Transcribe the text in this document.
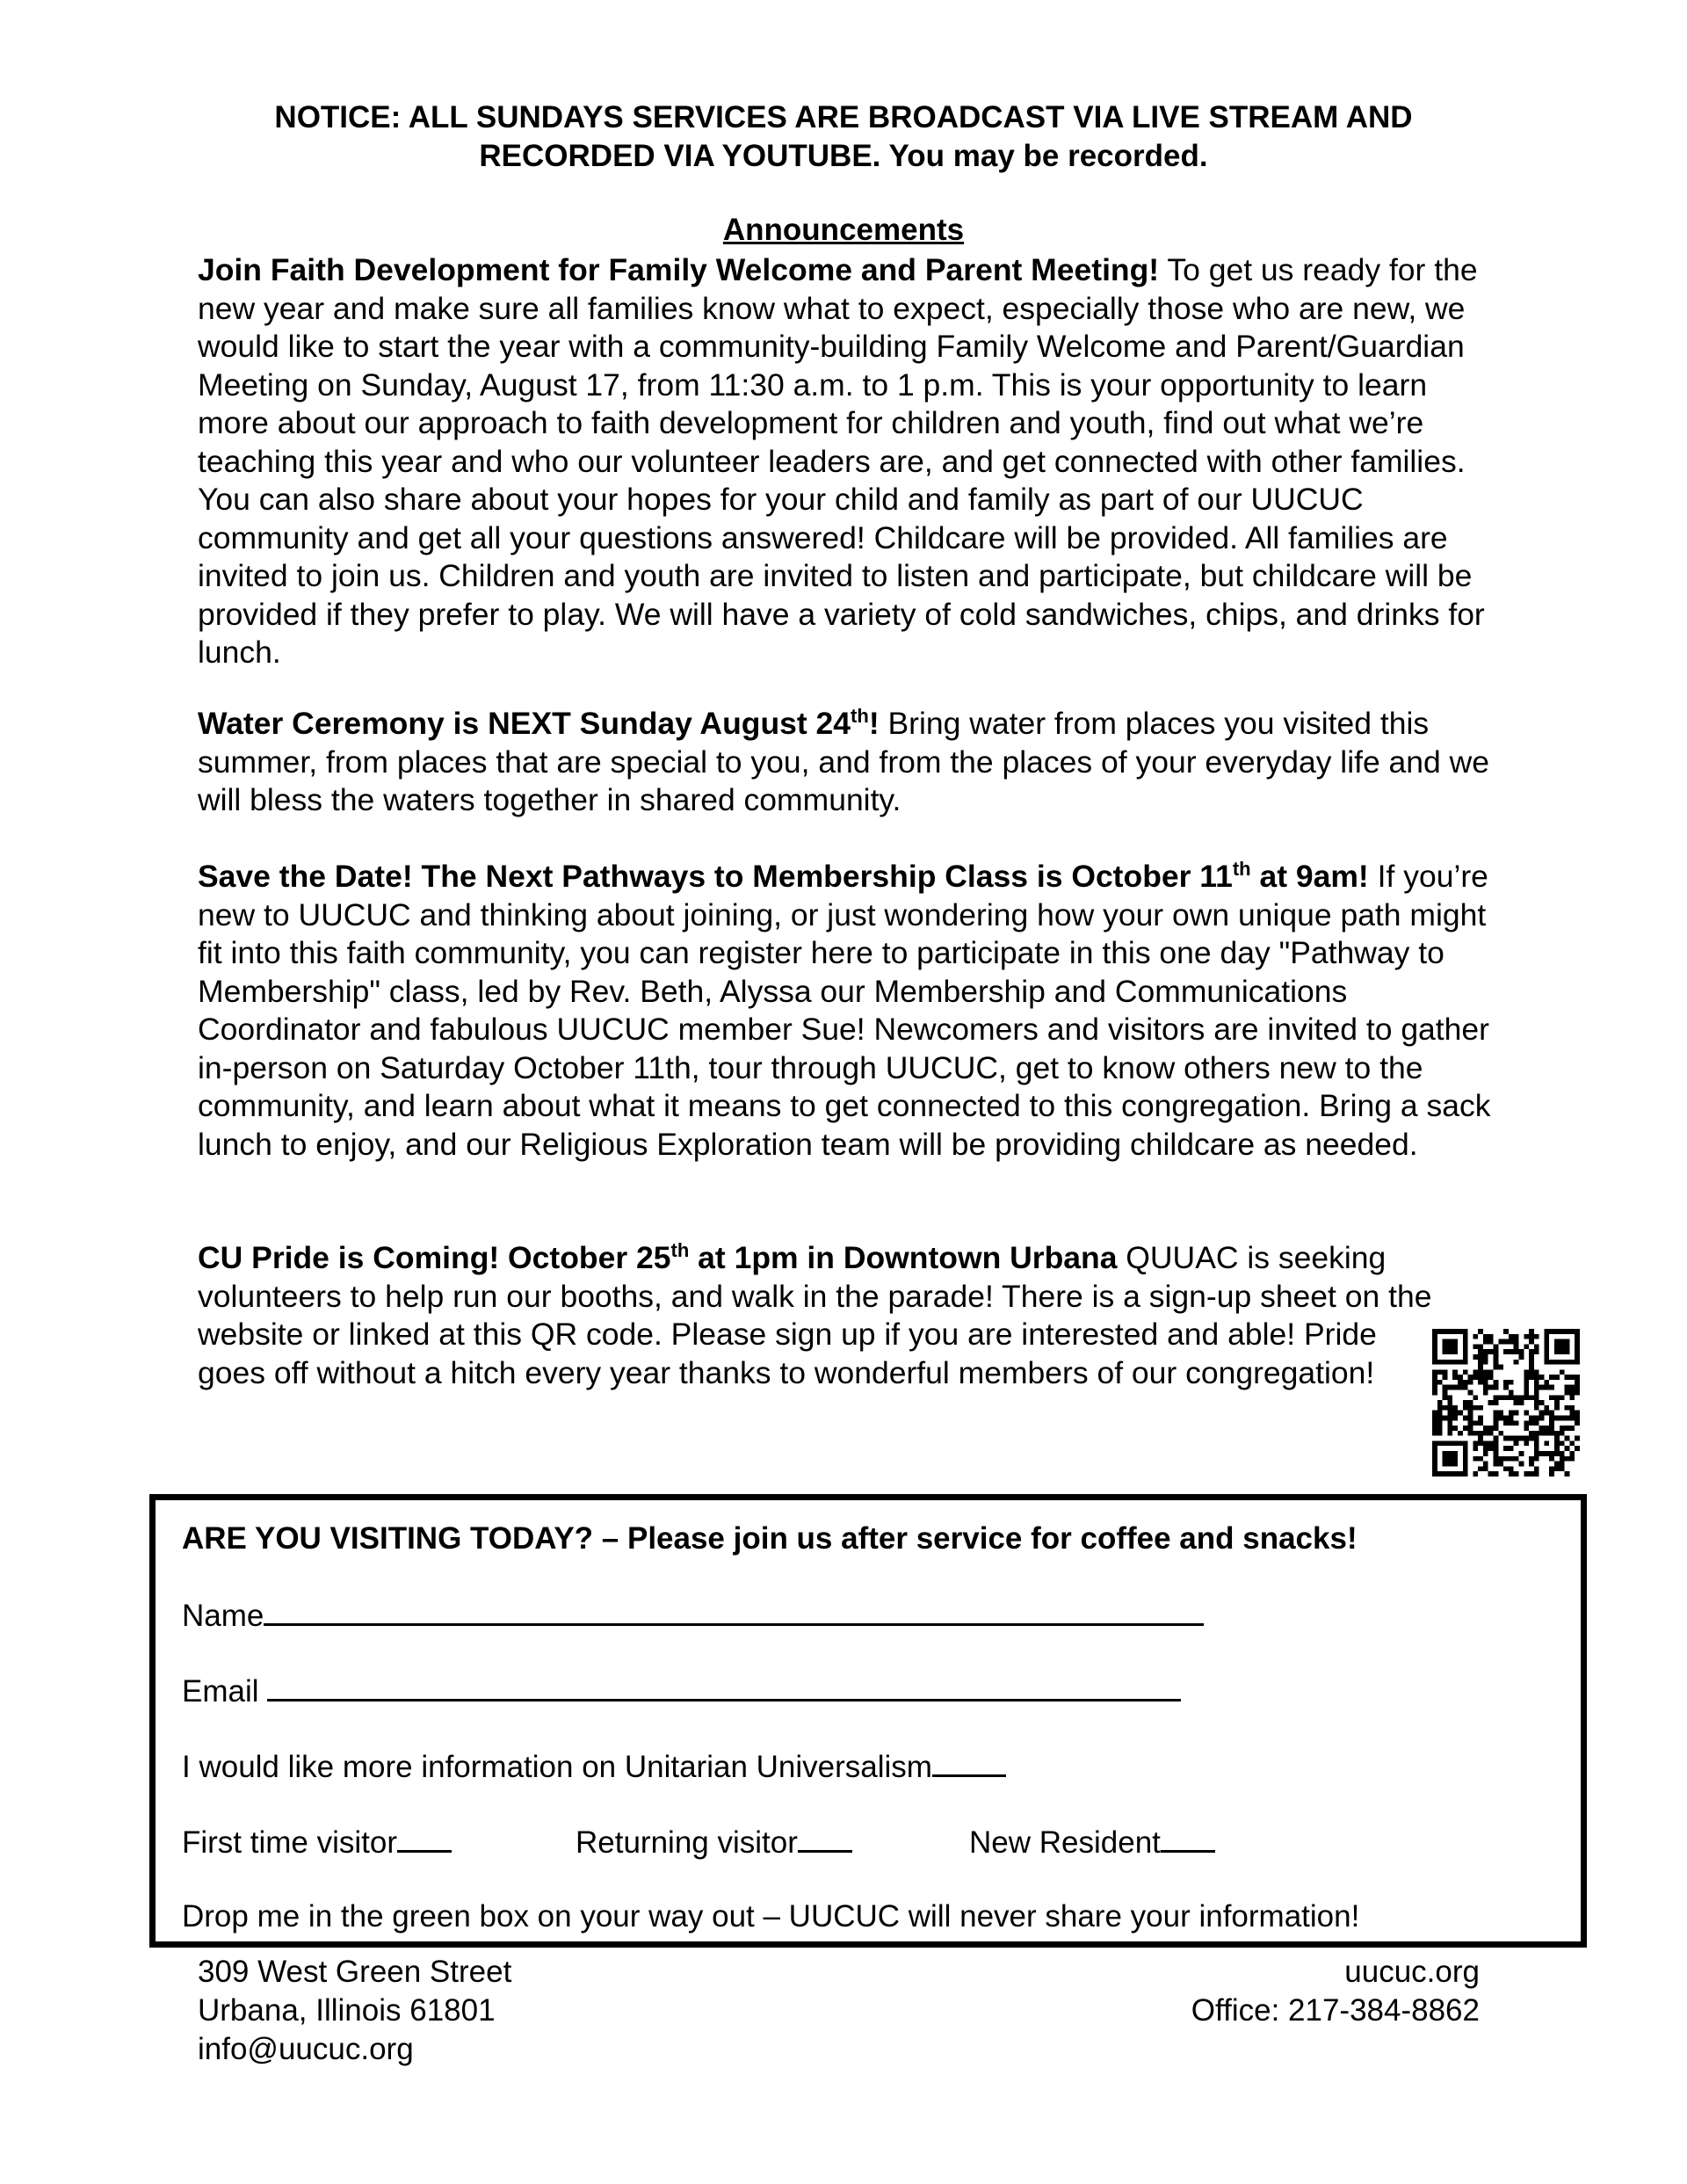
NOTICE: ALL SUNDAYS SERVICES ARE BROADCAST VIA LIVE STREAM AND
RECORDED VIA YOUTUBE. You may be recorded.
Announcements
Join Faith Development for Family Welcome and Parent Meeting! To get us ready for the new year and make sure all families know what to expect, especially those who are new, we would like to start the year with a community-building Family Welcome and Parent/Guardian Meeting on Sunday, August 17, from 11:30 a.m. to 1 p.m. This is your opportunity to learn more about our approach to faith development for children and youth, find out what we’re teaching this year and who our volunteer leaders are, and get connected with other families. You can also share about your hopes for your child and family as part of our UUCUC community and get all your questions answered! Childcare will be provided. All families are invited to join us. Children and youth are invited to listen and participate, but childcare will be provided if they prefer to play. We will have a variety of cold sandwiches, chips, and drinks for lunch.
Water Ceremony is NEXT Sunday August 24th! Bring water from places you visited this summer, from places that are special to you, and from the places of your everyday life and we will bless the waters together in shared community.
Save the Date! The Next Pathways to Membership Class is October 11th at 9am! If you’re new to UUCUC and thinking about joining, or just wondering how your own unique path might fit into this faith community, you can register here to participate in this one day "Pathway to Membership" class, led by Rev. Beth, Alyssa our Membership and Communications Coordinator and fabulous UUCUC member Sue! Newcomers and visitors are invited to gather in-person on Saturday October 11th, tour through UUCUC, get to know others new to the community, and learn about what it means to get connected to this congregation. Bring a sack lunch to enjoy, and our Religious Exploration team will be providing childcare as needed.
CU Pride is Coming! October 25th at 1pm in Downtown Urbana QUUAC is seeking volunteers to help run our booths, and walk in the parade! There is a sign-up sheet on the website or linked at this QR code. Please sign up if you are interested and able! Pride goes off without a hitch every year thanks to wonderful members of our congregation!
ARE YOU VISITING TODAY? – Please join us after service for coffee and snacks!
Name
Email
I would like more information on Unitarian Universalism
First time visitor	Returning visitor	New Resident
Drop me in the green box on your way out – UUCUC will never share your information!
309 West Green Street
Urbana, Illinois 61801
info@uucuc.org
uucuc.org
Office: 217-384-8862
